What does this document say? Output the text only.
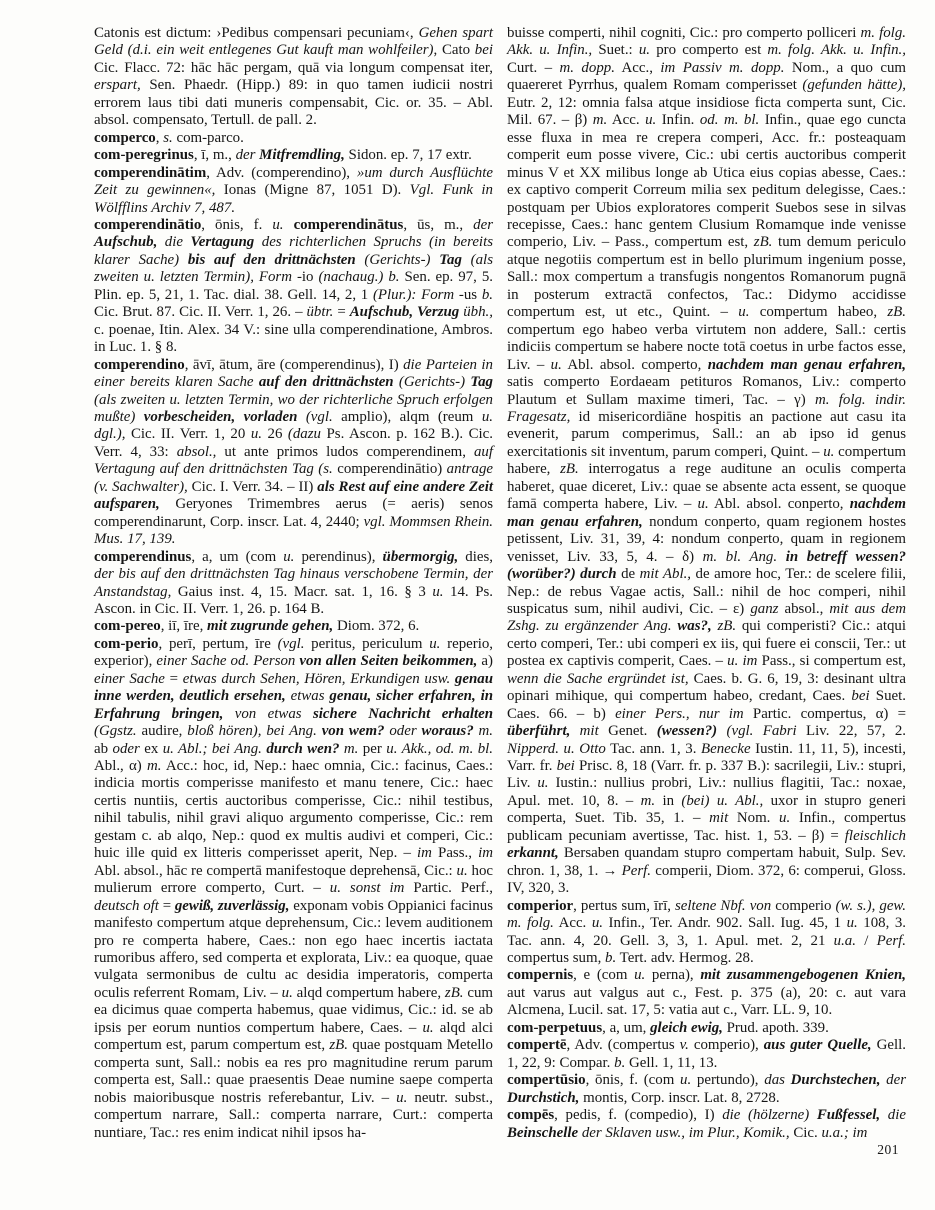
Catonis est dictum: ›Pedibus compensari pecuniam‹, Gehen spart Geld (d.i. ein weit entlegenes Gut kauft man wohlfeiler), Cato bei Cic. Flacc. 72: hāc hāc pergam, quā via longum compensat iter, erspart, Sen. Phaedr. (Hipp.) 89: in quo tamen iudicii nostri errorem laus tibi dati muneris compensabit, Cic. or. 35. – Abl. absol. compensato, Tertull. de pall. 2.

comperco, s. com-parco.

com-peregrinus, ī, m., der Mitfremdling, Sidon. ep. 7, 17 extr.

comperendinātim, Adv. (comperendino), »um durch Ausflüchte Zeit zu gewinnen«, Ionas (Migne 87, 1051 D). Vgl. Funk in Wölfflins Archiv 7, 487.

comperendinātio, ōnis, f. u. comperendinātus, ūs, m., der Aufschub, die Vertagung des richterlichen Spruchs (in bereits klarer Sache) bis auf den drittnächsten (Gerichts-) Tag (als zweiten u. letzten Termin), Form -io (nachaug.) b. Sen. ep. 97, 5. Plin. ep. 5, 21, 1. Tac. dial. 38. Gell. 14, 2, 1 (Plur.): Form -us b. Cic. Brut. 87. Cic. II. Verr. 1, 26. – übtr. = Aufschub, Verzug übh., c. poenae, Itin. Alex. 34 V.: sine ulla comperendinatione, Ambros. in Luc. 1. § 8.

comperendino, āvī, ātum, āre (comperendinus), I) die Parteien in einer bereits klaren Sache auf den drittnächsten (Gerichts-) Tag (als zweiten u. letzten Termin, wo der richterliche Spruch erfolgen mußte) vorbescheiden, vorladen (vgl. amplio), alqm (reum u. dgl.), Cic. II. Verr. 1, 20 u. 26 (dazu Ps. Ascon. p. 162 B.). Cic. Verr. 4, 33: absol., ut ante primos ludos comperendinem, auf Vertagung auf den drittnächsten Tag (s. comperendinātio) antrage (v. Sachwalter), Cic. I. Verr. 34. – II) als Rest auf eine andere Zeit aufsparen, Geryones Trimembres aerus (= aeris) senos comperendinarunt, Corp. inscr. Lat. 4, 2440; vgl. Mommsen Rhein. Mus. 17, 139.

comperendinus, a, um (com u. perendinus), übermorgig, dies, der bis auf den drittnächsten Tag hinaus verschobene Termin, der Anstandstag, Gaius inst. 4, 15. Macr. sat. 1, 16. § 3 u. 14. Ps. Ascon. in Cic. II. Verr. 1, 26. p. 164 B.

com-pereo, iī, īre, mit zugrunde gehen, Diom. 372, 6.

com-perio, perī, pertum, īre (vgl. peritus, periculum u. reperio, experior), einer Sache od. Person von allen Seiten beikommen, a) einer Sache = etwas durch Sehen, Hören, Erkundigen usw. genau inne werden, deutlich ersehen, etwas genau, sicher erfahren, in Erfahrung bringen, von etwas sichere Nachricht erhalten (Ggstz. audire, bloß hören), bei Ang. von wem? oder woraus? m. ab oder ex u. Abl.; bei Ang. durch wen? m. per u. Akk., od. m. bl. Abl., α) m. Acc.: hoc, id, Nep.: haec omnia, Cic.: facinus, Caes.: indicia mortis comperisse manifesto et manu tenere, Cic.: haec certis nuntiis, certis auctoribus comperisse, Cic.: nihil testibus, nihil tabulis, nihil gravi aliquo argumento comperisse, Cic.: rem gestam c. ab alqo, Nep.: quod ex multis audivi et comperi, Cic.: huic ille quid ex litteris comperisset aperit, Nep. – im Pass., im Abl. absol., hāc re compertā manifestoque deprehensā, Cic.: u. hoc mulierum errore comperto, Curt. – u. sonst im Partic. Perf., deutsch oft = gewiß, zuverlässig, exponam vobis Oppianici facinus manifesto compertum atque deprehensum, Cic.: levem auditionem pro re comperta habere, Caes.: non ego haec incertis iactata rumoribus affero, sed comperta et explorata, Liv.: ea quoque, quae vulgata sermonibus de cultu ac desidia imperatoris, comperta oculis referrent Romam, Liv. – u. alqd compertum habere, zB. cum ea dicimus quae comperta habemus, quae vidimus, Cic.: id. se ab ipsis per eorum nuntios compertum habere, Caes. – u. alqd alci compertum est, parum compertum est, zB. quae postquam Metello comperta sunt, Sall.: nobis ea res pro magnitudine rerum parum comperta est, Sall.: quae praesentis Deae numine saepe comperta nobis maioribusque nostris referebantur, Liv. – u. neutr. subst., compertum narrare, Sall.: comperta narrare, Curt.: comperta nuntiare, Tac.: res enim indicat nihil ipsos ha-

buisse comperti, nihil cogniti, Cic.: pro comperto polliceri m. folg. Akk. u. Infin., Suet.: u. pro comperto est m. folg. Akk. u. Infin., Curt. – m. dopp. Acc., im Passiv m. dopp. Nom., a quo cum quaereret Pyrrhus, qualem Romam comperisset (gefunden hätte), Eutr. 2, 12: omnia falsa atque insidiose ficta comperta sunt, Cic. Mil. 67. – β) m. Acc. u. Infin. od. m. bl. Infin., quae ego cuncta esse fluxa in mea re crepera comperi, Acc. fr.: posteaquam comperit eum posse vivere, Cic.: ubi certis auctoribus comperit minus V et XX milibus longe ab Utica eius copias abesse, Caes.: ex captivo comperit Correum milia sex peditum delegisse, Caes.: postquam per Ubios exploratores comperit Suebos sese in silvas recepisse, Caes.: hanc gentem Clusium Romamque inde venisse comperio, Liv. – Pass., compertum est, zB. tum demum periculo atque negotiis compertum est in bello plurimum ingenium posse, Sall.: mox compertum a transfugis nongentos Romanorum pugnā in posterum extractā confectos, Tac.: Didymo accidisse compertum est, ut etc., Quint. – u. compertum habeo, zB. compertum ego habeo verba virtutem non addere, Sall.: certis indiciis compertum se habere nocte totā coetus in urbe factos esse, Liv. – u. Abl. absol. comperto, nachdem man genau erfahren, satis comperto Eordaeam petituros Romanos, Liv.: comperto Plautum et Sullam maxime timeri, Tac. – γ) m. folg. indir. Fragesatz, id misericordiāne hospitis an pactione aut casu ita evenerit, parum comperimus, Sall.: an ab ipso id genus exercitationis sit inventum, parum comperi, Quint. – u. compertum habere, zB. interrogatus a rege auditune an oculis comperta haberet, quae diceret, Liv.: quae se absente acta essent, se quoque famā comperta habere, Liv. – u. Abl. absol. conperto, nachdem man genau erfahren, nondum conperto, quam regionem hostes petissent, Liv. 31, 39, 4: nondum conperto, quam in regionem venisset, Liv. 33, 5, 4. – δ) m. bl. Ang. in betreff wessen? (worüber?) durch de mit Abl., de amore hoc, Ter.: de scelere filii, Nep.: de rebus Vagae actis, Sall.: nihil de hoc comperi, nihil suspicatus sum, nihil audivi, Cic. – ε) ganz absol., mit aus dem Zshg. zu ergänzender Ang. was?, zB. qui comperisti? Cic.: atqui certo comperi, Ter.: ubi comperi ex iis, qui fuere ei conscii, Ter.: ut postea ex captivis comperit, Caes. – u. im Pass., si compertum est, wenn die Sache ergründet ist, Caes. b. G. 6, 19, 3: desinant ultra opinari mihique, qui compertum habeo, credant, Caes. bei Suet. Caes. 66. – b) einer Pers., nur im Partic. compertus, α) = überführt, mit Genet. (wessen?) (vgl. Fabri Liv. 22, 57, 2. Nipperd. u. Otto Tac. ann. 1, 3. Benecke Iustin. 11, 11, 5), incesti, Varr. fr. bei Prisc. 8, 18 (Varr. fr. p. 337 B.): sacrilegii, Liv.: stupri, Liv. u. Iustin.: nullius probri, Liv.: nullius flagitii, Tac.: noxae, Apul. met. 10, 8. – m. in (bei) u. Abl., uxor in stupro generi comperta, Suet. Tib. 35, 1. – mit Nom. u. Infin., compertus publicam pecuniam avertisse, Tac. hist. 1, 53. – β) = fleischlich erkannt, Bersaben quandam stupro compertam habuit, Sulp. Sev. chron. 1, 38, 1. → Perf. comperii, Diom. 372, 6: comperui, Gloss. IV, 320, 3.

comperior, pertus sum, īrī, seltene Nbf. von comperio (w. s.), gew. m. folg. Acc. u. Infin., Ter. Andr. 902. Sall. Iug. 45, 1 u. 108, 3. Tac. ann. 4, 20. Gell. 3, 3, 1. Apul. met. 2, 21 u.a. / Perf. compertus sum, b. Tert. adv. Hermog. 28.

compernis, e (com u. perna), mit zusammengebogenen Knien, aut varus aut valgus aut c., Fest. p. 375 (a), 20: c. aut vara Alcmena, Lucil. sat. 17, 5: vatia aut c., Varr. LL. 9, 10.

com-perpetuus, a, um, gleich ewig, Prud. apoth. 339.

compertē, Adv. (compertus v. comperio), aus guter Quelle, Gell. 1, 22, 9: Compar. b. Gell. 1, 11, 13.

compertūsio, ōnis, f. (com u. pertundo), das Durchstechen, der Durchstich, montis, Corp. inscr. Lat. 8, 2728.

compēs, pedis, f. (compedio), I) die (hölzerne) Fußfessel, die Beinschelle der Sklaven usw., im Plur., Komik., Cic. u.a.; im

201
